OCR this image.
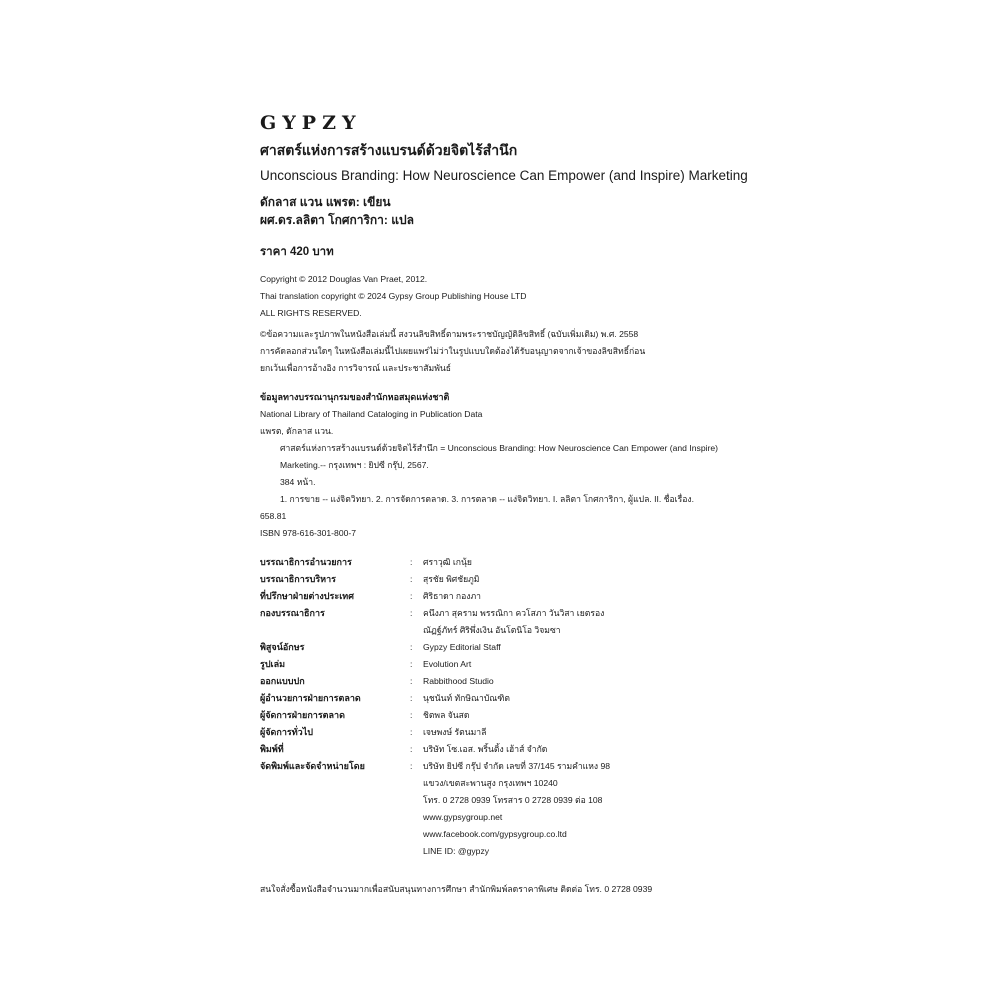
GYPZY
ศาสตร์แห่งการสร้างแบรนด์ด้วยจิตไร้สำนึก
Unconscious Branding: How Neuroscience Can Empower (and Inspire) Marketing
ดักลาส แวน แพรต: เขียน
ผศ.ดร.ลลิตา โกศการิกา: แปล
ราคา 420 บาท
Copyright © 2012 Douglas Van Praet, 2012.
Thai translation copyright © 2024 Gypsy Group Publishing House LTD
ALL RIGHTS RESERVED.
©ข้อความและรูปภาพในหนังสือเล่มนี้ สงวนลิขสิทธิ์ตามพระราชบัญญัติลิขสิทธิ์ (ฉบับเพิ่มเติม) พ.ศ. 2558
การคัดลอกส่วนใดๆ ในหนังสือเล่มนี้ไปเผยแพร่ไม่ว่าในรูปแบบใดต้องได้รับอนุญาตจากเจ้าของลิขสิทธิ์ก่อน
ยกเว้นเพื่อการอ้างอิง การวิจารณ์ และประชาสัมพันธ์
ข้อมูลทางบรรณานุกรมของสำนักหอสมุดแห่งชาติ
National Library of Thailand Cataloging in Publication Data
แพรต, ดักลาส แวน.
ศาสตร์แห่งการสร้างแบรนด์ด้วยจิตไร้สำนึก = Unconscious Branding: How Neuroscience Can Empower (and Inspire)
Marketing.-- กรุงเทพฯ : ยิปซี กรุ๊ป, 2567.
384 หน้า.
1. การขาย -- แง่จิตวิทยา. 2. การจัดการตลาด. 3. การตลาด -- แง่จิตวิทยา. I. ลลิตา โกศการิกา, ผู้แปล. II. ชื่อเรื่อง.
658.81
ISBN 978-616-301-800-7
บรรณาธิการอำนวยการ	:	ศราวุฒิ เกนุ้ย
บรรณาธิการบริหาร	:	สุรชัย พิศชัยภูมิ
ที่ปรึกษาฝ่ายต่างประเทศ	:	ศิริธาดา กองภา
กองบรรณาธิการ	:	คนึงภา สุคราม พรรณิกา ควโสภา วันวิสา เยตรอง
		ณัฏฐ์ภัทร์ ศิริพึ่งเงิน อันโตนิโอ วิจมซา
พิสูจน์อักษร	:	Gypzy Editorial Staff
รูปเล่ม	:	Evolution Art
ออกแบบปก	:	Rabbithood Studio
ผู้อำนวยการฝ่ายการตลาด	:	นุชนันท์ ทักษิณาบัณฑิต
ผู้จัดการฝ่ายการตลาด	:	ชิตพล จันสด
ผู้จัดการทั่วไป	:	เจษพงษ์ รัตนมาลี
พิมพ์ที่	:	บริษัท โซ.เอส. พริ้นติ้ง เฮ้าส์ จำกัด
จัดพิมพ์และจัดจำหน่ายโดย	:	บริษัท ยิปซี กรุ๊ป จำกัด เลขที่ 37/145 รามคำแหง 98
		แขวง/เขตสะพานสูง กรุงเทพฯ 10240
		โทร. 0 2728 0939 โทรสาร 0 2728 0939 ต่อ 108
		www.gypsygroup.net
		www.facebook.com/gypsygroup.co.ltd
		LINE ID: @gypzy
สนใจสั่งซื้อหนังสือจำนวนมากเพื่อสนับสนุนทางการศึกษา สำนักพิมพ์ลดราคาพิเศษ ติดต่อ โทร. 0 2728 0939
